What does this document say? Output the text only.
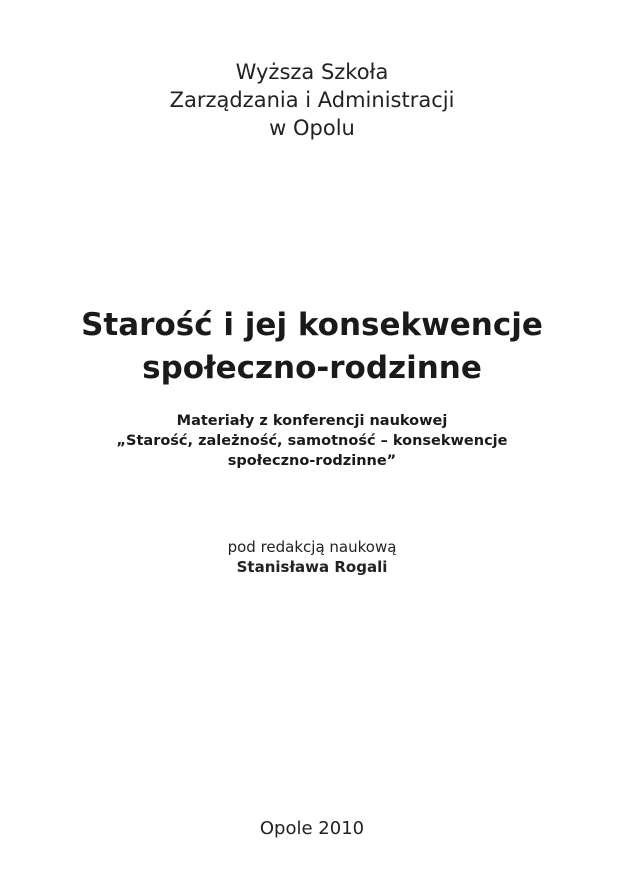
Wyższa Szkoła
Zarządzania i Administracji
w Opolu
Starość i jej konsekwencje
społeczno-rodzinne
Materiały z konferencji naukowej
„Starość, zależność, samotność – konsekwencje
społeczno-rodzinne”
pod redakcją naukową
Stanisława Rogali
Opole 2010
